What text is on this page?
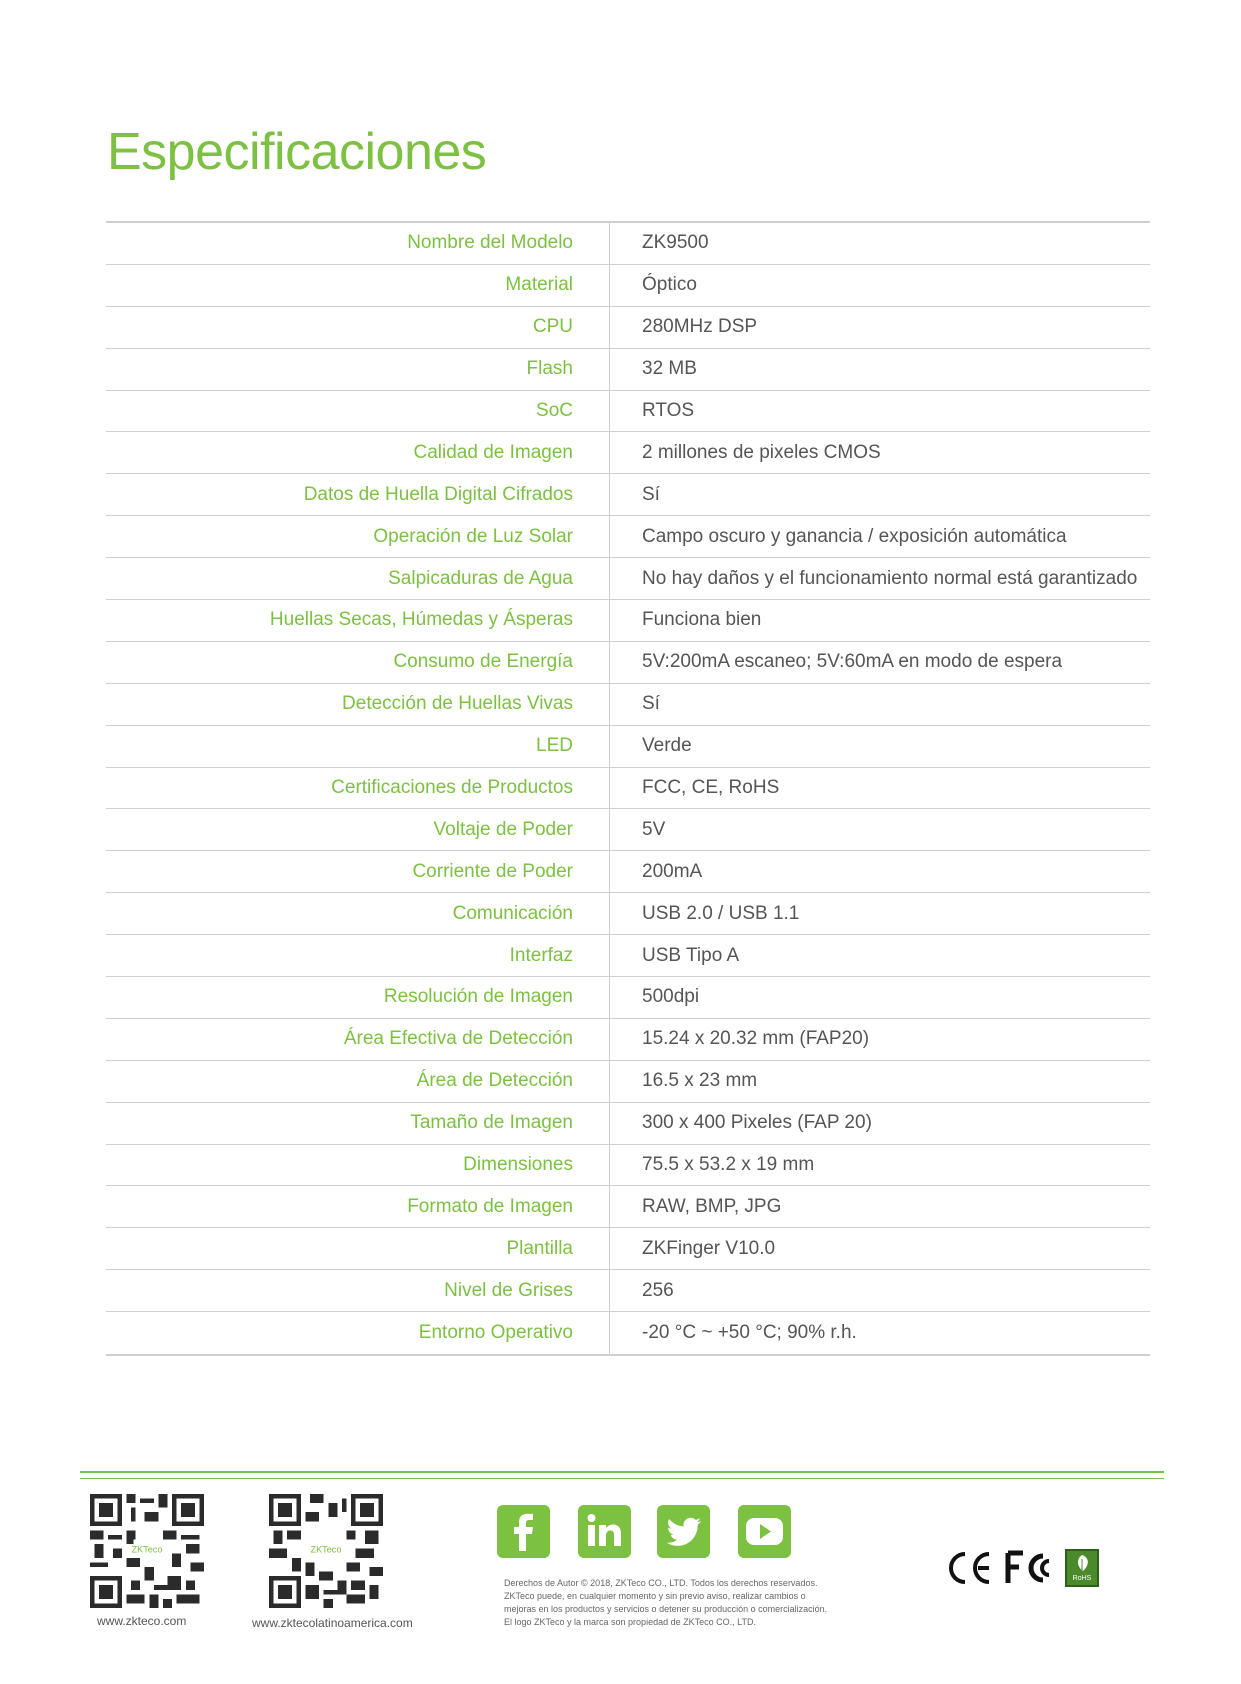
Especificaciones
Nombre del Modelo	ZK9500
Material	Óptico
CPU	280MHz DSP
Flash	32 MB
SoC	RTOS
Calidad de Imagen	2 millones de pixeles CMOS
Datos de Huella Digital Cifrados	Sí
Operación de Luz Solar	Campo oscuro y ganancia / exposición automática
Salpicaduras de Agua	No hay daños y el funcionamiento normal está garantizado
Huellas Secas, Húmedas y Ásperas	Funciona bien
Consumo de Energía	5V:200mA escaneo; 5V:60mA en modo de espera
Detección de Huellas Vivas	Sí
LED	Verde
Certificaciones de Productos	FCC, CE, RoHS
Voltaje de Poder	5V
Corriente de Poder	200mA
Comunicación	USB 2.0 / USB 1.1
Interfaz	USB Tipo A
Resolución de Imagen	500dpi
Área Efectiva de Detección	15.24 x 20.32 mm (FAP20)
Área de Detección	16.5 x 23 mm
Tamaño de Imagen	300 x 400 Pixeles (FAP 20)
Dimensiones	75.5 x 53.2 x 19 mm
Formato de Imagen	RAW, BMP, JPG
Plantilla	ZKFinger V10.0
Nivel de Grises	256
Entorno Operativo	-20 °C ~ +50 °C; 90% r.h.
ZKTeco
www.zkteco.com
ZKTeco
www.zktecolatinoamerica.com
Derechos de Autor © 2018, ZKTeco CO., LTD. Todos los derechos reservados.
ZKTeco puede, en cualquier momento y sin previo aviso, realizar cambios o
mejoras en los productos y servicios o detener su producción o comercialización.
El logo ZKTeco y la marca son propiedad de ZKTeco CO., LTD.
RoHS
